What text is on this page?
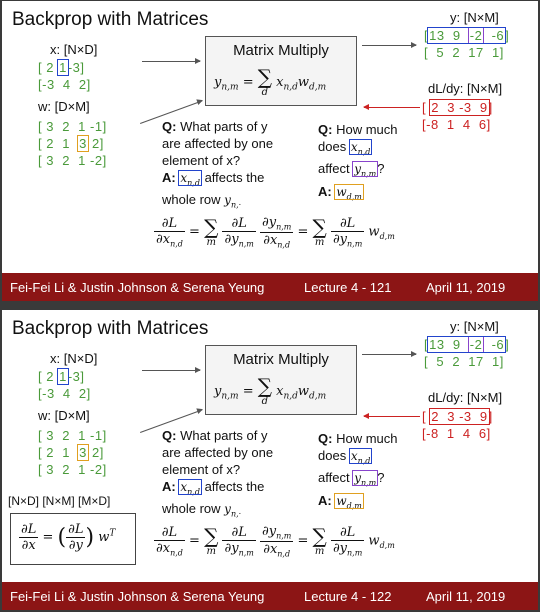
Backprop with Matrices
x: [N×D]
[ 2 1-3]
[-3 4 2]
w: [D×M]
[ 3 2 1 -1]
[ 2 1 3 2]
[ 3 2 1 -2]
Matrix Multiply
$y_{n,m}$ = ∑
d
$x_{n,d}w_{d,m}$
y: [N×M]
[13 9 -2 -6]
[  5 2 17 1]
dL/dy: [N×M]
[ 2 3 -3 9]
[-8 1 4 6]
Q: What parts of y
are affected by one
element of x?
A: $x_{n,d}$ affects the
whole row $y_{n,\cdot}$
Q: How much
does $x_{n,d}$
affect $y_{n,m}$?
A: $w_{d,m}$
$\frac{\partial L}{\partial x_{n,d}}$ = ∑
m
$\frac{\partial L}{\partial y_{n,m}}$
$\frac{\partial y_{n,m}}{\partial x_{n,d}}$ = ∑
m
$\frac{\partial L}{\partial y_{n,m}} w_{d,m}$
Fei-Fei Li & Justin Johnson & Serena Yeung	Lecture 4 - 121	April 11, 2019
Backprop with Matrices
x: [N×D]
[ 2 1-3]
[-3 4 2]
w: [D×M]
[ 3 2 1 -1]
[ 2 1 3 2]
[ 3 2 1 -2]
Matrix Multiply
$y_{n,m}$ = ∑
d
$x_{n,d}w_{d,m}$
y: [N×M]
[13 9 -2 -6]
[  5 2 17 1]
dL/dy: [N×M]
[ 2 3 -3 9]
[-8 1 4 6]
Q: What parts of y
are affected by one
element of x?
A: $x_{n,d}$ affects the
whole row $y_{n,\cdot}$
Q: How much
does $x_{n,d}$
affect $y_{n,m}$?
A: $w_{d,m}$
$\frac{\partial L}{\partial x_{n,d}}$ = ∑
m
$\frac{\partial L}{\partial y_{n,m}}$
$\frac{\partial y_{n,m}}{\partial x_{n,d}}$ = ∑
m
$\frac{\partial L}{\partial y_{n,m}} w_{d,m}$
[N×D] [N×M] [M×D]
$\frac{\partial L}{\partial x}$ = ( $\frac{\partial L}{\partial y}$ ) $w^T$
Fei-Fei Li & Justin Johnson & Serena Yeung	Lecture 4 - 122	April 11, 2019
